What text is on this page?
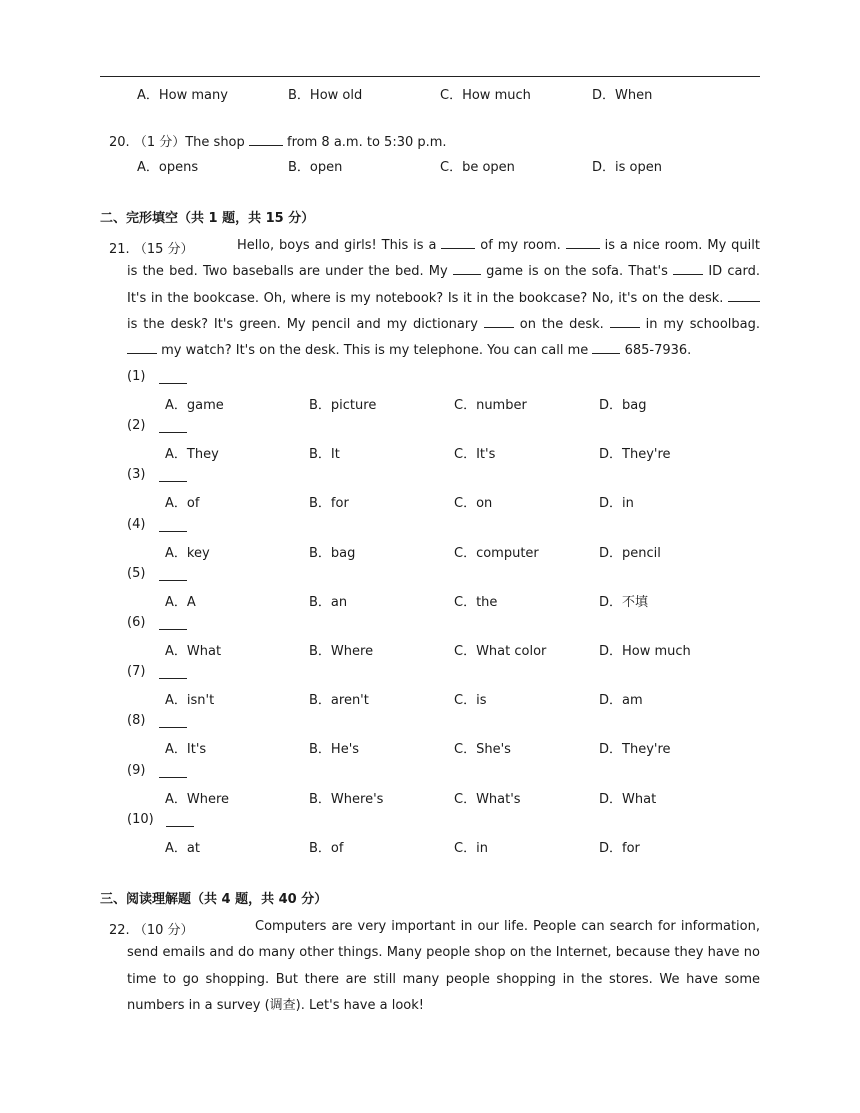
A．How many	B．How old	C．How much	D．When
20. （1 分）The shop	from 8 a.m. to 5:30 p.m.
A．opens	B．open	C．be open	D．is open
二、完形填空（共 1 题，共 15 分）
21. （15 分）	Hello, boys and girls! This is a	of my room.	is a nice room. My quilt is the bed. Two baseballs are under the bed. My	game is on the sofa. That's	ID card. It's in the bookcase. Oh, where is my notebook? Is it in the bookcase? No, it's on the desk.  is the desk? It's green. My pencil and my dictionary	on the desk.	in my schoolbag.  my watch? It's on the desk. This is my telephone. You can call me	685-7936.
(1)
A．game	B．picture	C．number	D．bag
(2)
A．They	B．It	C．It's	D．They're
(3)
A．of	B．for	C．on	D．in
(4)
A．key	B．bag	C．computer	D．pencil
(5)
A．A	B．an	C．the	D．不填
(6)
A．What	B．Where	C．What color	D．How much
(7)
A．isn't	B．aren't	C．is	D．am
(8)
A．It's	B．He's	C．She's	D．They're
(9)
A．Where	B．Where's	C．What's	D．What
(10)
A．at	B．of	C．in	D．for
三、阅读理解题（共 4 题，共 40 分）
22. （10 分）	Computers are very important in our life. People can search for information, send emails and do many other things. Many people shop on the Internet, because they have no time to go shopping. But there are still many people shopping in the stores. We have some numbers in a survey (调查). Let's have a look!
